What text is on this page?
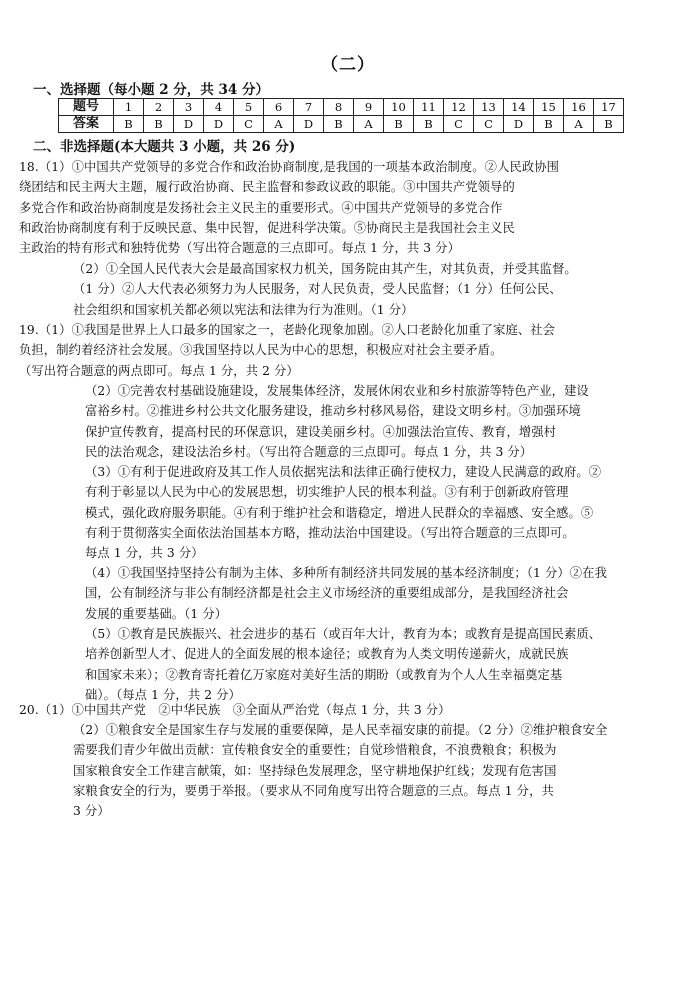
（二）
一、选择题（每小题 2 分，共 34 分）
题号	1	2	3	4	5	6	7	8	9	10	11	12	13	14	15	16	17
答案	B	B	D	D	C	A	D	B	A	B	B	C	C	D	B	A	B
二、非选择题(本大题共 3 小题，共 26 分)
18.（1）①中国共产党领导的多党合作和政治协商制度,是我国的一项基本政治制度。②人民政协围
绕团结和民主两大主题，履行政治协商、民主监督和参政议政的职能。③中国共产党领导的
多党合作和政治协商制度是发扬社会主义民主的重要形式。④中国共产党领导的多党合作
和政治协商制度有利于反映民意、集中民智，促进科学决策。⑤协商民主是我国社会主义民
主政治的特有形式和独特优势（写出符合题意的三点即可。每点 1 分，共 3 分）
（2）①全国人民代表大会是最高国家权力机关，国务院由其产生，对其负责，并受其监督。
（1 分）②人大代表必须努力为人民服务，对人民负责，受人民监督；（1 分）任何公民、
社会组织和国家机关都必须以宪法和法律为行为准则。（1 分）
19.（1）①我国是世界上人口最多的国家之一，老龄化现象加剧。②人口老龄化加重了家庭、社会
负担，制约着经济社会发展。③我国坚持以人民为中心的思想，积极应对社会主要矛盾。
（写出符合题意的两点即可。每点 1 分，共 2 分）
（2）①完善农村基础设施建设，发展集体经济，发展休闲农业和乡村旅游等特色产业，建设
富裕乡村。②推进乡村公共文化服务建设，推动乡村移风易俗，建设文明乡村。③加强环境
保护宣传教育，提高村民的环保意识，建设美丽乡村。④加强法治宣传、教育，增强村
民的法治观念，建设法治乡村。（写出符合题意的三点即可。每点 1 分，共 3 分）
（3）①有利于促进政府及其工作人员依据宪法和法律正确行使权力，建设人民满意的政府。②
有利于彰显以人民为中心的发展思想，切实维护人民的根本利益。③有利于创新政府管理
模式，强化政府服务职能。④有利于维护社会和谐稳定，增进人民群众的幸福感、安全感。⑤
有利于贯彻落实全面依法治国基本方略，推动法治中国建设。（写出符合题意的三点即可。
每点 1 分，共 3 分）
（4）①我国坚持坚持公有制为主体、多种所有制经济共同发展的基本经济制度；（1 分）②在我
国，公有制经济与非公有制经济都是社会主义市场经济的重要组成部分，是我国经济社会
发展的重要基础。（1 分）
（5）①教育是民族振兴、社会进步的基石（或百年大计，教育为本；或教育是提高国民素质、
培养创新型人才、促进人的全面发展的根本途径；或教育为人类文明传递薪火，成就民族
和国家未来）；②教育寄托着亿万家庭对美好生活的期盼（或教育为个人人生幸福奠定基
础）。（每点 1 分，共 2 分）
20.（1）①中国共产党　②中华民族　③全面从严治党（每点 1 分，共 3 分）
（2）①粮食安全是国家生存与发展的重要保障，是人民幸福安康的前提。（2 分）②维护粮食安全
需要我们青少年做出贡献：宣传粮食安全的重要性；自觉珍惜粮食，不浪费粮食；积极为
国家粮食安全工作建言献策，如：坚持绿色发展理念，坚守耕地保护红线；发现有危害国
家粮食安全的行为，要勇于举报。（要求从不同角度写出符合题意的三点。每点 1 分，共
3 分）
